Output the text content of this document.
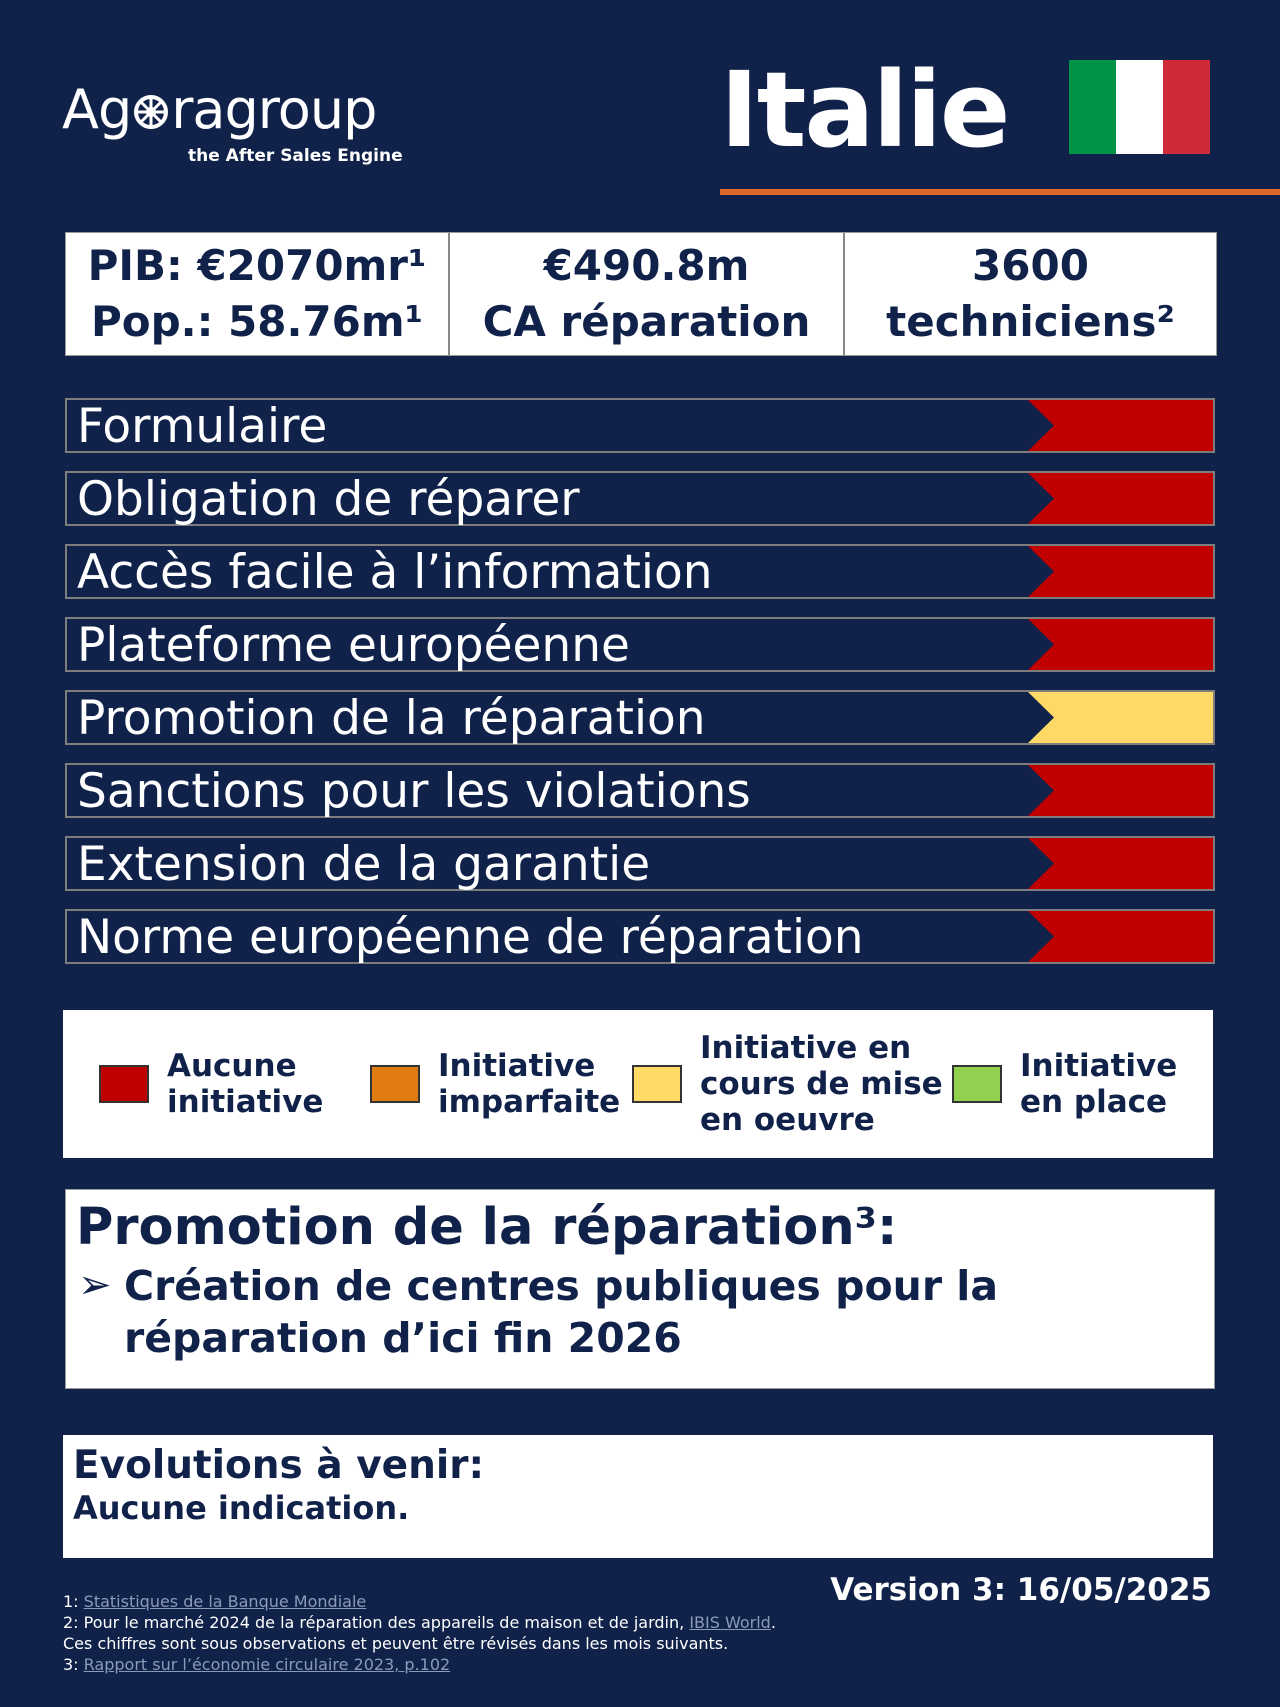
Ag ragroup
the After Sales Engine	Italie
PIB: €2070mr¹
Pop.: 58.76m¹
€490.8m
CA réparation
3600
techniciens²
Formulaire
Obligation de réparer
Accès facile à l’information
Plateforme européenne
Promotion de la réparation
Sanctions pour les violations
Extension de la garantie
Norme européenne de réparation
Aucune
initiative
Initiative
imparfaite
Initiative en
cours de mise
en oeuvre
Initiative
en place
Promotion de la réparation³:
➢ Création de centres publiques pour la
réparation d’ici fin 2026
Evolutions à venir:
Aucune indication.
1: Statistiques de la Banque Mondiale
2: Pour le marché 2024 de la réparation des appareils de maison et de jardin, IBIS World. Ces chiffres sont sous observations et peuvent être révisés dans les mois suivants.
3: Rapport sur l’économie circulaire 2023, p.102
Version 3: 16/05/2025
